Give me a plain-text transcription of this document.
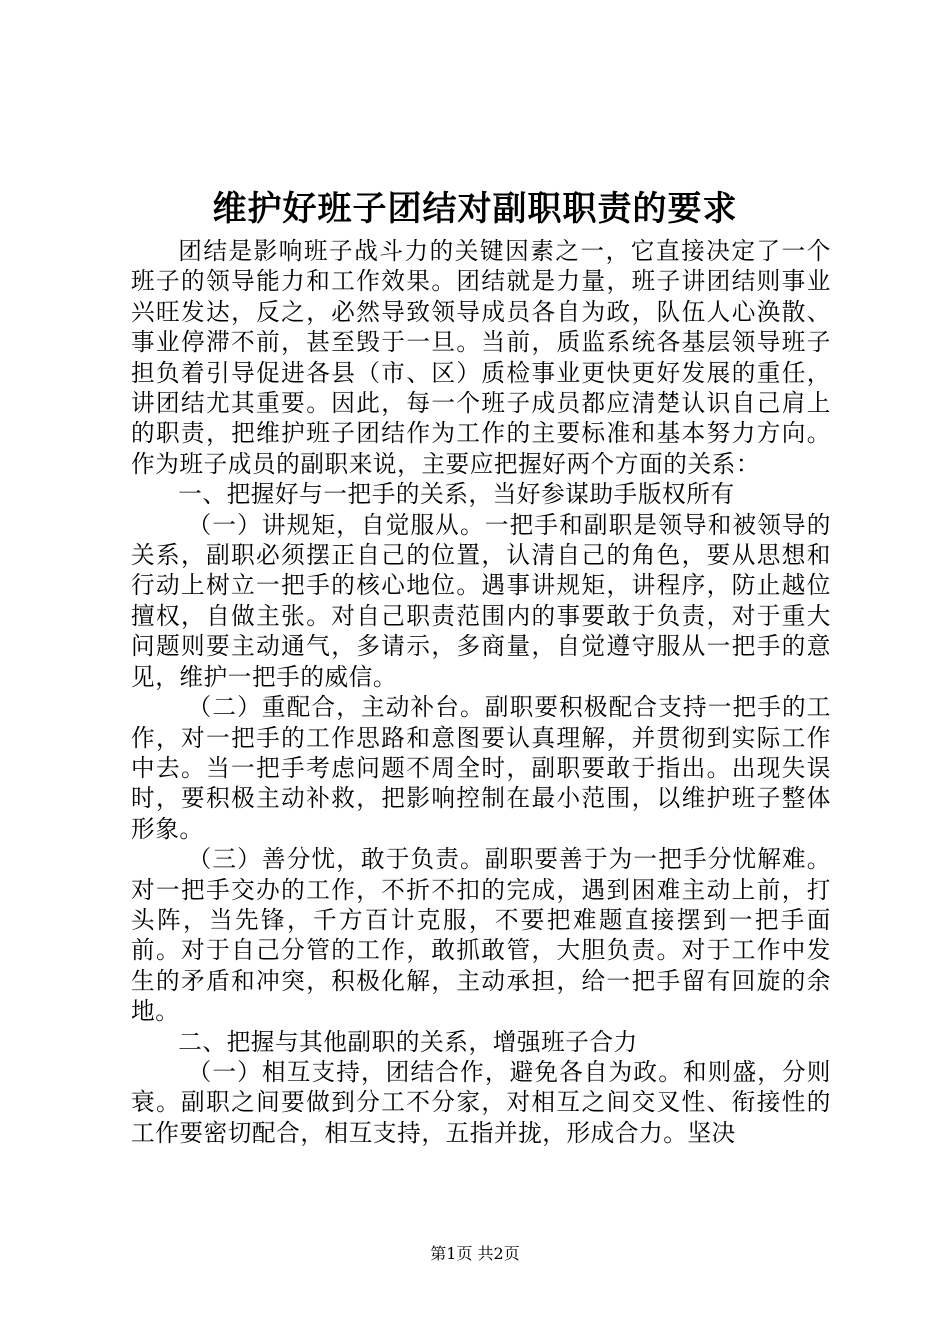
维护好班子团结对副职职责的要求

团结是影响班子战斗力的关键因素之一，它直接决定了一个班子的领导能力和工作效果。团结就是力量，班子讲团结则事业兴旺发达，反之，必然导致领导成员各自为政，队伍人心涣散、事业停滞不前，甚至毁于一旦。当前，质监系统各基层领导班子担负着引导促进各县（市、区）质检事业更快更好发展的重任，讲团结尤其重要。因此，每一个班子成员都应清楚认识自己肩上的职责，把维护班子团结作为工作的主要标准和基本努力方向。作为班子成员的副职来说，主要应把握好两个方面的关系：

一、把握好与一把手的关系，当好参谋助手版权所有

（一）讲规矩，自觉服从。一把手和副职是领导和被领导的关系，副职必须摆正自己的位置，认清自己的角色，要从思想和行动上树立一把手的核心地位。遇事讲规矩，讲程序，防止越位擅权，自做主张。对自己职责范围内的事要敢于负责，对于重大问题则要主动通气，多请示，多商量，自觉遵守服从一把手的意见，维护一把手的威信。

（二）重配合，主动补台。副职要积极配合支持一把手的工作，对一把手的工作思路和意图要认真理解，并贯彻到实际工作中去。当一把手考虑问题不周全时，副职要敢于指出。出现失误时，要积极主动补救，把影响控制在最小范围，以维护班子整体形象。

（三）善分忧，敢于负责。副职要善于为一把手分忧解难。对一把手交办的工作，不折不扣的完成，遇到困难主动上前，打头阵，当先锋，千方百计克服，不要把难题直接摆到一把手面前。对于自己分管的工作，敢抓敢管，大胆负责。对于工作中发生的矛盾和冲突，积极化解，主动承担，给一把手留有回旋的余地。

二、把握与其他副职的关系，增强班子合力

（一）相互支持，团结合作，避免各自为政。和则盛，分则衰。副职之间要做到分工不分家，对相互之间交叉性、衔接性的工作要密切配合，相互支持，五指并拢，形成合力。坚决

第1页 共2页
